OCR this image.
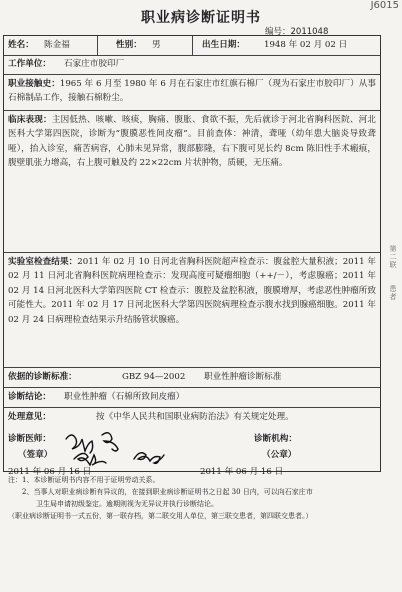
J6015
职业病诊断证明书
编号：2011048
姓名： 陈金福	性别： 男	出生日期： 1948 年 02 月 02 日
工作单位： 石家庄市胶印厂
职业接触史：1965 年 6 月至 1980 年 6 月在石家庄市红旗石棉厂（现为石家庄市胶印厂）从事石棉制品工作，接触石棉粉尘。
临床表现：主因低热、咳嗽、咳痰，胸痛、腹胀、食欲不振，先后就诊于河北省胸科医院、河北医科大学第四医院，诊断为“腹膜恶性间皮瘤”。目前查体：神清，聋哑（幼年患大脑炎导致聋哑），抬入诊室，痛苦病容，心肺未见异常，腹部膨隆，右下腹可见长约 8cm 陈旧性手术瘢痕，腹壁肌张力增高，右上腹可触及约 22×22cm 片状肿物，质硬，无压痛。
实验室检查结果：2011 年 02 月 10 日河北省胸科医院超声检查示：腹盆腔大量积液；2011 年 02 月 11 日河北省胸科医院病理检查示：发现高度可疑瘤细胞（++/－），考虑腺癌；2011 年 02 月 14 日河北医科大学第四医院 CT 检查示：腹腔及盆腔积液，腹膜增厚，考虑恶性肿瘤所致可能性大。2011 年 02 月 17 日河北医科大学第四医院病理检查示腹水找到腺癌细胞。2011 年 02 月 24 日病理检查结果示升结肠管状腺癌。
依据的诊断标准：	GBZ 94—2002 职业性肿瘤诊断标准
诊断结论： 职业性肿瘤（石棉所致间皮瘤）
处理意见：	按《中华人民共和国职业病防治法》有关规定处理。
诊断医师：
（签章）
2011 年 06 月 16 日
诊断机构：
（公章）
2011 年 06 月 16 日
第二联　　患者
注：1、本诊断证明书内容不用于证明劳动关系。
　　2、当事人对职业病诊断有异议的，在接到职业病诊断证明书之日起 30 日内，可以向石家庄市
　　　　卫生局申请初级鉴定。逾期则视为无异议并执行诊断结论。
（职业病诊断证明书一式五份，第一联存档，第二联交用人单位，第三联交患者，第四联交患者。）
